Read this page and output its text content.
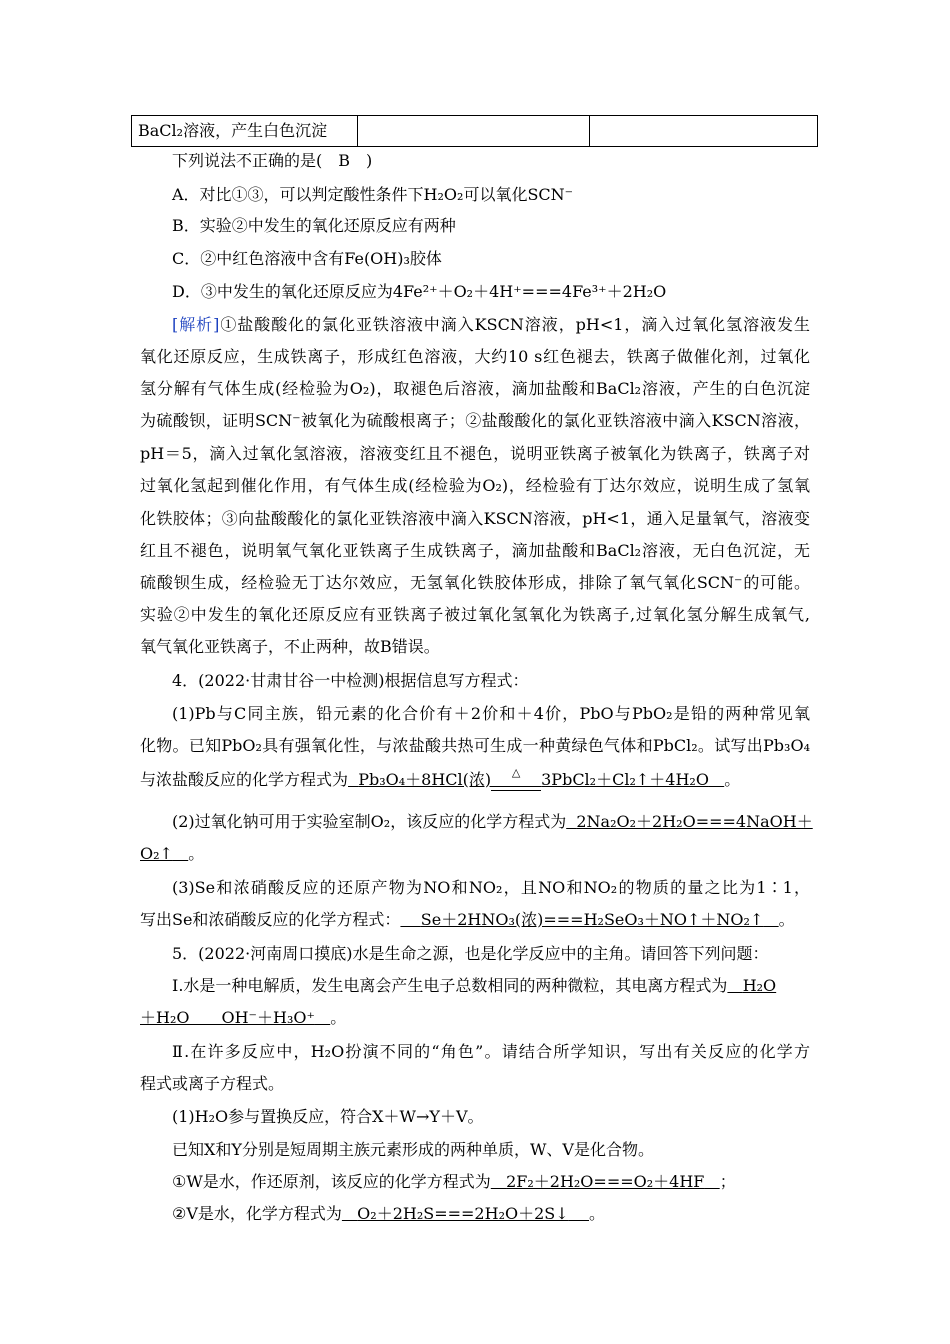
BaCl₂溶液，产生白色沉淀
下列说法不正确的是(　B　)
A．对比①③，可以判定酸性条件下H₂O₂可以氧化SCN⁻
B．实验②中发生的氧化还原反应有两种
C．②中红色溶液中含有Fe(OH)₃胶体
D．③中发生的氧化还原反应为4Fe²⁺＋O₂＋4H⁺===4Fe³⁺＋2H₂O
[解析]①盐酸酸化的氯化亚铁溶液中滴入KSCN溶液，pH<1，滴入过氧化氢溶液发生
氧化还原反应，生成铁离子，形成红色溶液，大约10 s红色褪去，铁离子做催化剂，过氧化
氢分解有气体生成(经检验为O₂)，取褪色后溶液，滴加盐酸和BaCl₂溶液，产生的白色沉淀
为硫酸钡，证明SCN⁻被氧化为硫酸根离子；②盐酸酸化的氯化亚铁溶液中滴入KSCN溶液，
pH＝5，滴入过氧化氢溶液，溶液变红且不褪色，说明亚铁离子被氧化为铁离子，铁离子对
过氧化氢起到催化作用，有气体生成(经检验为O₂)，经检验有丁达尔效应，说明生成了氢氧
化铁胶体；③向盐酸酸化的氯化亚铁溶液中滴入KSCN溶液，pH<1，通入足量氧气，溶液变
红且不褪色，说明氧气氧化亚铁离子生成铁离子，滴加盐酸和BaCl₂溶液，无白色沉淀，无
硫酸钡生成，经检验无丁达尔效应，无氢氧化铁胶体形成，排除了氧气氧化SCN⁻的可能。
实验②中发生的氧化还原反应有亚铁离子被过氧化氢氧化为铁离子,过氧化氢分解生成氧气,
氧气氧化亚铁离子，不止两种，故B错误。
4．(2022·甘肃甘谷一中检测)根据信息写方程式：
(1)Pb与C同主族，铅元素的化合价有＋2价和＋4价，PbO与PbO₂是铅的两种常见氧
化物。已知PbO₂具有强氧化性，与浓盐酸共热可生成一种黄绿色气体和PbCl₂。试写出Pb₃O₄
与浓盐酸反应的化学方程式为 Pb₃O₄＋8HCl(浓)	△	3PbCl₂＋Cl₂↑＋4H₂O 。
(2)过氧化钠可用于实验室制O₂，该反应的化学方程式为 2Na₂O₂＋2H₂O===4NaOH＋
O₂↑ 。
(3)Se和浓硝酸反应的还原产物为NO和NO₂，且NO和NO₂的物质的量之比为1∶1，
写出Se和浓硝酸反应的化学方程式： Se＋2HNO₃(浓)===H₂SeO₃＋NO↑＋NO₂↑ 。
5．(2022·河南周口摸底)水是生命之源，也是化学反应中的主角。请回答下列问题：
Ⅰ.水是一种电解质，发生电离会产生电子总数相同的两种微粒，其电离方程式为 H₂O
＋H₂O　　OH⁻＋H₃O⁺ 。
Ⅱ.在许多反应中，H₂O扮演不同的“角色”。请结合所学知识，写出有关反应的化学方
程式或离子方程式。
(1)H₂O参与置换反应，符合X＋W→Y＋V。
已知X和Y分别是短周期主族元素形成的两种单质，W、V是化合物。
①W是水，作还原剂，该反应的化学方程式为 2F₂＋2H₂O===O₂＋4HF ；
②V是水，化学方程式为 O₂＋2H₂S===2H₂O＋2S↓ 。
